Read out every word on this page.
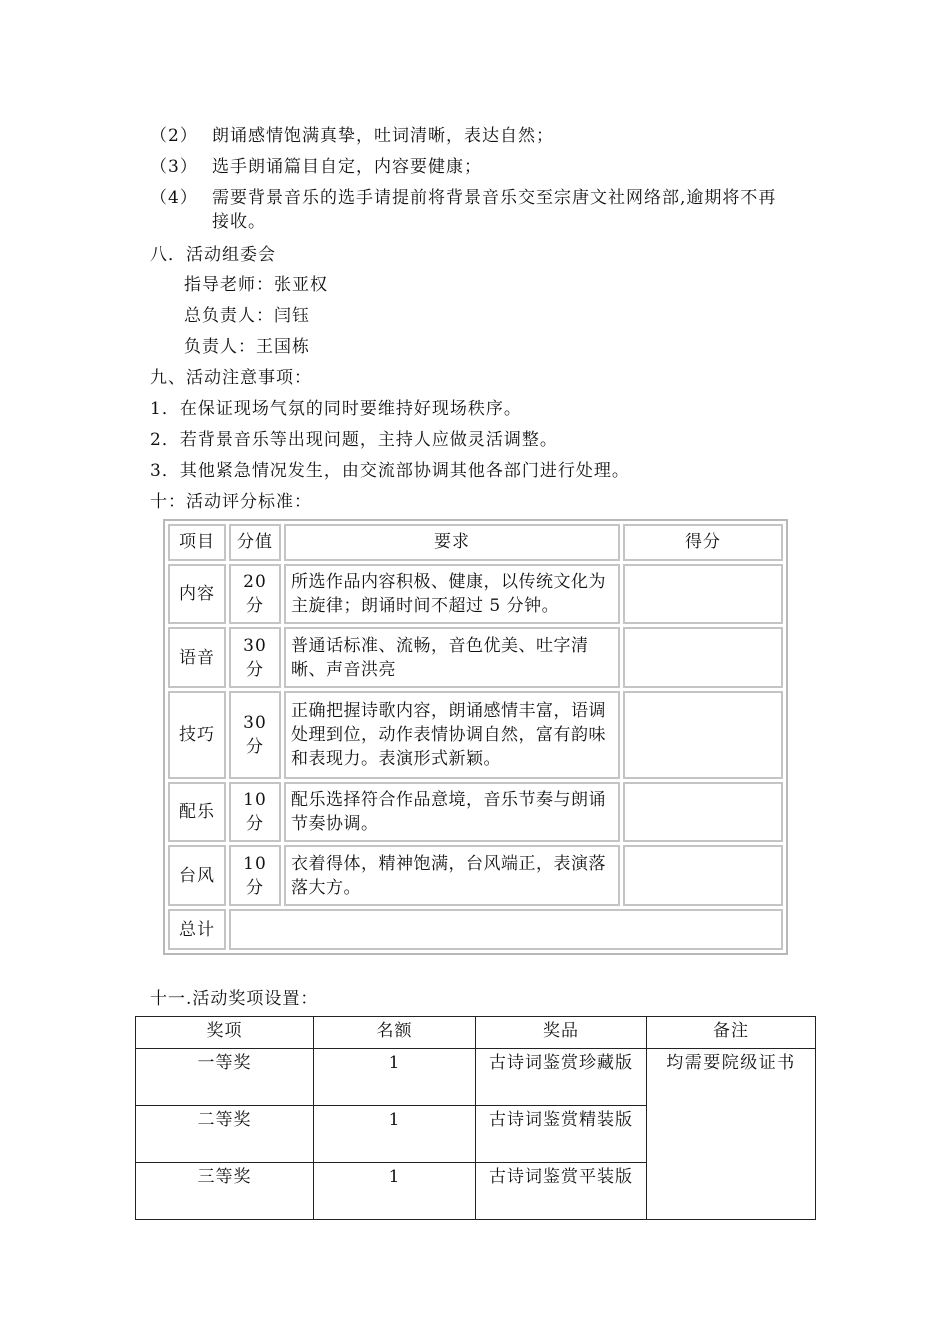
（2） 朗诵感情饱满真挚，吐词清晰，表达自然；
（3） 选手朗诵篇目自定，内容要健康；
（4） 需要背景音乐的选手请提前将背景音乐交至宗唐文社网络部,逾期将不再
接收。
八．活动组委会
指导老师：张亚权
总负责人：闫钰
负责人：王国栋
九、活动注意事项：
1．在保证现场气氛的同时要维持好现场秩序。
2．若背景音乐等出现问题，主持人应做灵活调整。
3．其他紧急情况发生，由交流部协调其他各部门进行处理。
十：活动评分标准：
项目	分值	要求	得分
内容	20 分	所选作品内容积极、健康，以传统文化为主旋律；朗诵时间不超过 5 分钟。	
语音	30 分	普通话标准、流畅，音色优美、吐字清晰、声音洪亮	
技巧	30 分	正确把握诗歌内容，朗诵感情丰富，语调处理到位，动作表情协调自然，富有韵味和表现力。表演形式新颖。	
配乐	10 分	配乐选择符合作品意境，音乐节奏与朗诵节奏协调。	
台风	10 分	衣着得体，精神饱满，台风端正，表演落落大方。	
总计			
十一.活动奖项设置：
奖项	名额	奖品	备注
一等奖	1	古诗词鉴赏珍藏版	均需要院级证书
二等奖	1	古诗词鉴赏精装版	
三等奖	1	古诗词鉴赏平装版	
